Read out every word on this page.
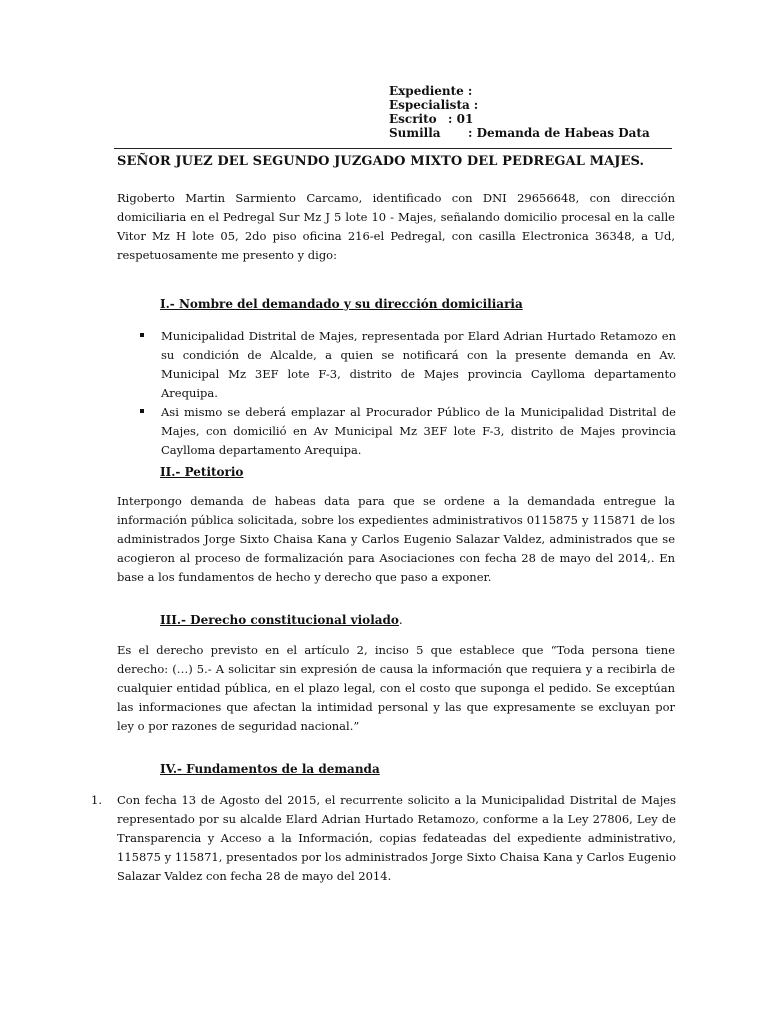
Expediente :
Especialista :
Escrito : 01
Sumilla	: Demanda de Habeas Data
SEÑOR JUEZ DEL SEGUNDO JUZGADO MIXTO DEL PEDREGAL MAJES.

Rigoberto Martin Sarmiento Carcamo, identificado con DNI 29656648, con dirección domiciliaria en el Pedregal Sur Mz J 5 lote 10 - Majes, señalando domicilio procesal en la calle Vitor Mz H lote 05, 2do piso oficina 216-el Pedregal, con casilla Electronica 36348, a Ud, respetuosamente me presento y digo:

I.- Nombre del demandado y su dirección domiciliaria
Municipalidad Distrital de Majes, representada por Elard Adrian Hurtado Retamozo en su condición de Alcalde, a quien se notificará con la presente demanda en Av. Municipal Mz 3EF lote F-3, distrito de Majes provincia Caylloma departamento Arequipa.
Asi mismo se deberá emplazar al Procurador Público de la Municipalidad Distrital de Majes, con domicilió en Av Municipal Mz 3EF lote F-3, distrito de Majes provincia Caylloma departamento Arequipa.
II.- Petitorio

Interpongo demanda de habeas data para que se ordene a la demandada entregue la información pública solicitada, sobre los expedientes administrativos 0115875 y 115871 de los administrados Jorge Sixto Chaisa Kana y Carlos Eugenio Salazar Valdez, administrados que se acogieron al proceso de formalización para Asociaciones con fecha 28 de mayo del 2014,. En base a los fundamentos de hecho y derecho que paso a exponer.

III.- Derecho constitucional violado.

Es el derecho previsto en el artículo 2, inciso 5 que establece que “Toda persona tiene derecho: (…) 5.- A solicitar sin expresión de causa la información que requiera y a recibirla de cualquier entidad pública, en el plazo legal, con el costo que suponga el pedido. Se exceptúan las informaciones que afectan la intimidad personal y las que expresamente se excluyan por ley o por razones de seguridad nacional.”

IV.- Fundamentos de la demanda
1. Con fecha 13 de Agosto del 2015, el recurrente solicito a la Municipalidad Distrital de Majes representado por su alcalde Elard Adrian Hurtado Retamozo, conforme a la Ley 27806, Ley de Transparencia y Acceso a la Información, copias fedateadas del expediente administrativo, 115875 y 115871, presentados por los administrados Jorge Sixto Chaisa Kana y Carlos Eugenio Salazar Valdez con fecha 28 de mayo del 2014.
